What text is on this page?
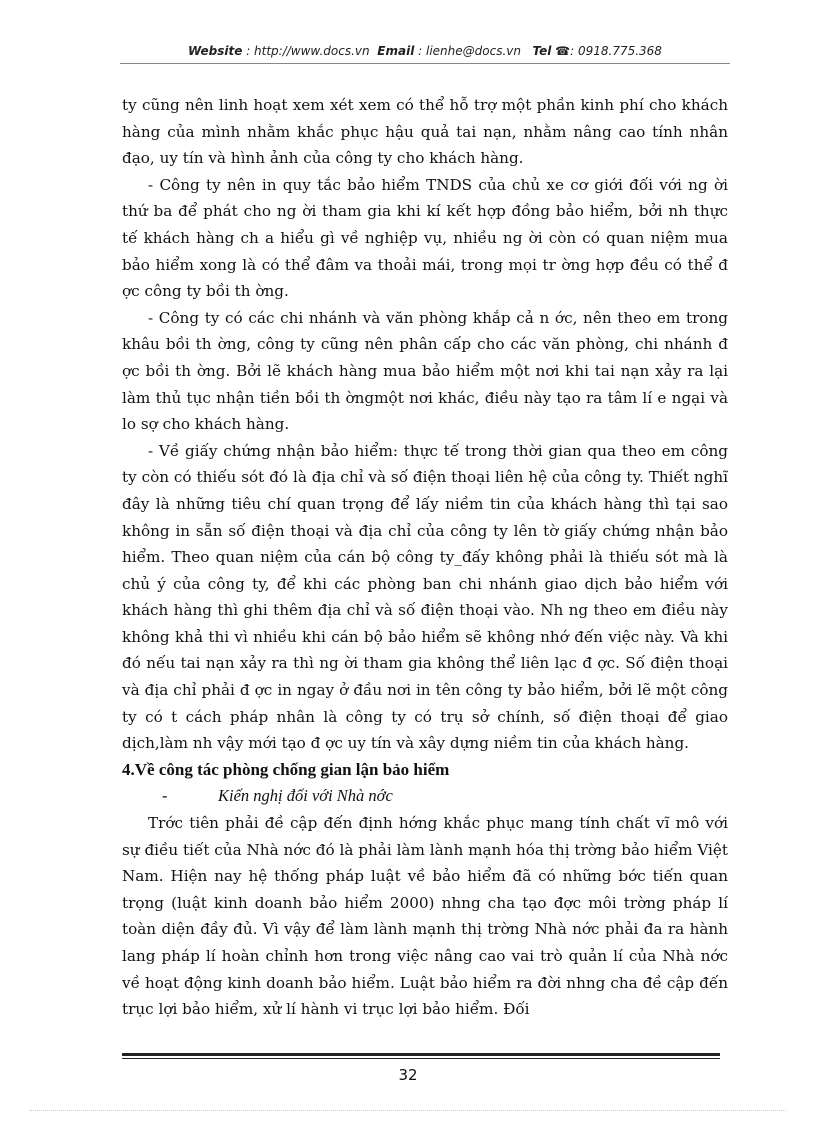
Website : http://www.docs.vn Email : lienhe@docs.vn Tel ☎: 0918.775.368

ty cũng nên linh hoạt xem xét xem có thể hỗ trợ một phần kinh phí cho khách hàng của mình nhằm khắc phục hậu quả tai nạn, nhằm nâng cao tính nhân đạo, uy tín và hình ảnh của công ty cho khách hàng.

- Công ty nên in quy tắc bảo hiểm TNDS của chủ xe cơ giới đối với ng ời thứ ba để phát cho ng ời tham gia khi kí kết hợp đồng bảo hiểm, bởi nh thực tế khách hàng ch a hiểu gì về nghiệp vụ, nhiều ng ời còn có quan niệm mua bảo hiểm xong là có thể đâm va thoải mái, trong mọi tr ờng hợp đều có thể đ ợc công ty bồi th ờng.

- Công ty có các chi nhánh và văn phòng khắp cả n ớc, nên theo em trong khâu bồi th ờng, công ty cũng nên phân cấp cho các văn phòng, chi nhánh đ ợc bồi th ờng. Bởi lẽ khách hàng mua bảo hiểm một nơi khi tai nạn xảy ra lại làm thủ tục nhận tiền bồi th ờngmột nơi khác, điều này tạo ra tâm lí e ngại và lo sợ cho khách hàng.

- Về giấy chứng nhận bảo hiểm: thực tế trong thời gian qua theo em công ty còn có thiếu sót đó là địa chỉ và số điện thoại liên hệ của công ty. Thiết nghĩ đây là những tiêu chí quan trọng để lấy niềm tin của khách hàng thì tại sao không in sẵn số điện thoại và địa chỉ của công ty lên tờ giấy chứng nhận bảo hiểm. Theo quan niệm của cán bộ công ty_đấy không phải là thiếu sót mà là chủ ý của công ty, để khi các phòng ban chi nhánh giao dịch bảo hiểm với khách hàng thì ghi thêm địa chỉ và số điện thoại vào. Nh ng theo em điều này không khả thi vì nhiều khi cán bộ bảo hiểm sẽ không nhớ đến việc này. Và khi đó nếu tai nạn xảy ra thì ng ời tham gia không thể liên lạc đ ợc. Số điện thoại và địa chỉ phải đ ợc in ngay ở đầu nơi in tên công ty bảo hiểm, bởi lẽ một công ty có t cách pháp nhân là công ty có trụ sở chính, số điện thoại để giao dịch,làm nh vậy mới tạo đ ợc uy tín và xây dựng niềm tin của khách hàng.

4.Về công tác phòng chống gian lận bảo hiểm

-	Kiến nghị đối với Nhà nớc

Trớc tiên phải đề cập đến định hớng khắc phục mang tính chất vĩ mô với sự điều tiết của Nhà nớc đó là phải làm lành mạnh hóa thị trờng bảo hiểm Việt Nam. Hiện nay hệ thống pháp luật về bảo hiểm đã có những bớc tiến quan trọng (luật kinh doanh bảo hiểm 2000) nhng cha tạo đợc môi trờng pháp lí toàn diện đầy đủ. Vì vậy để làm lành mạnh thị trờng Nhà nớc phải đa ra hành lang pháp lí hoàn chỉnh hơn trong việc nâng cao vai trò quản lí của Nhà nớc về hoạt động kinh doanh bảo hiểm. Luật bảo hiểm ra đời nhng cha đề cập đến trục lợi bảo hiểm, xử lí hành vi trục lợi bảo hiểm. Đối

32
